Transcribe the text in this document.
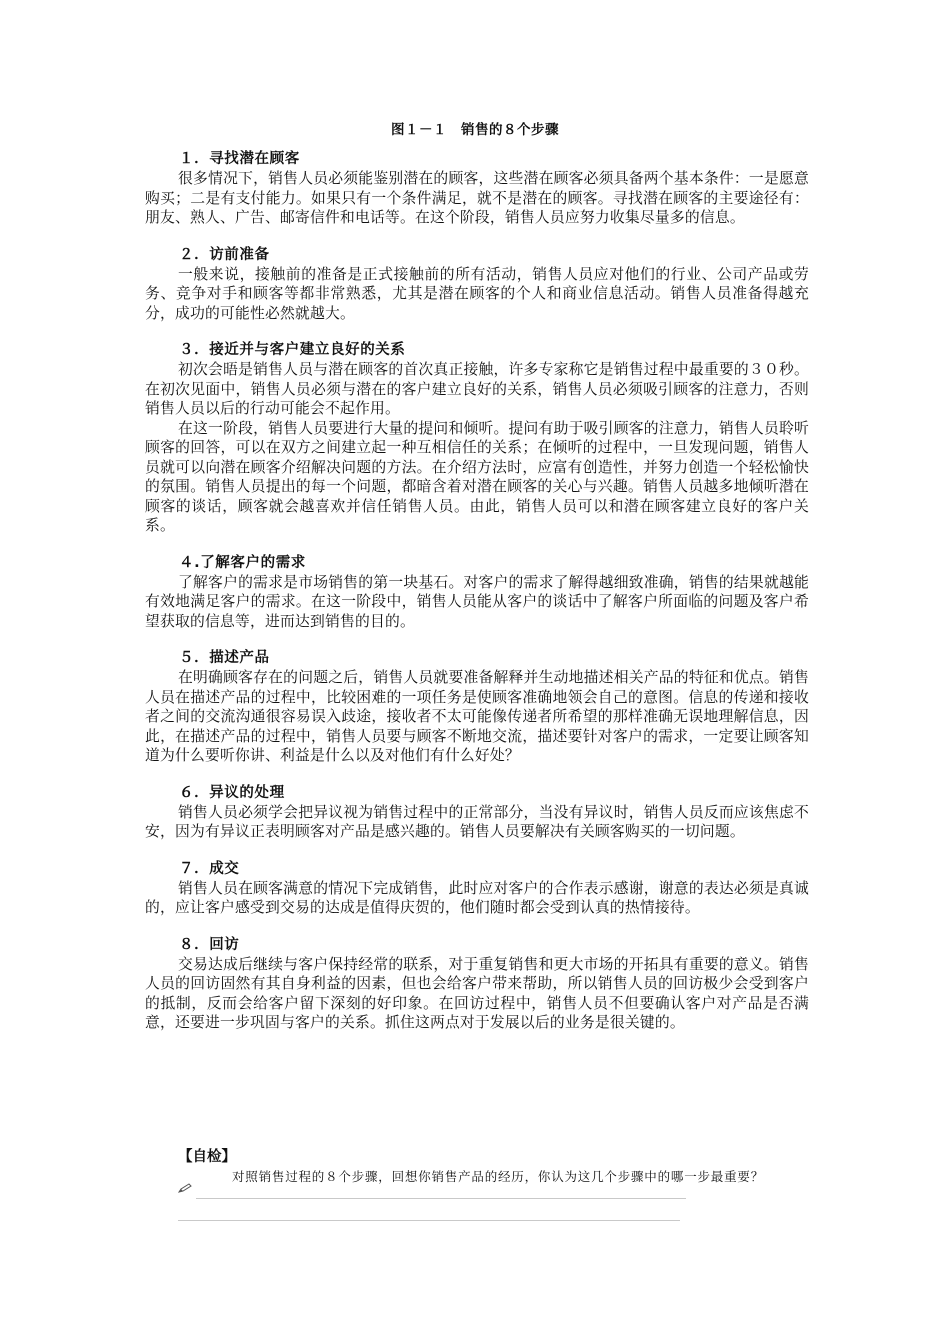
图１－１　销售的８个步骤
１．寻找潜在顾客

很多情况下，销售人员必须能鉴别潜在的顾客，这些潜在顾客必须具备两个基本条件：一是愿意购买；二是有支付能力。如果只有一个条件满足，就不是潜在的顾客。寻找潜在顾客的主要途径有：朋友、熟人、广告、邮寄信件和电话等。在这个阶段，销售人员应努力收集尽量多的信息。

２．访前准备

一般来说，接触前的准备是正式接触前的所有活动，销售人员应对他们的行业、公司产品或劳务、竞争对手和顾客等都非常熟悉，尤其是潜在顾客的个人和商业信息活动。销售人员准备得越充分，成功的可能性必然就越大。

３．接近并与客户建立良好的关系

初次会晤是销售人员与潜在顾客的首次真正接触，许多专家称它是销售过程中最重要的３０秒。在初次见面中，销售人员必须与潜在的客户建立良好的关系，销售人员必须吸引顾客的注意力，否则销售人员以后的行动可能会不起作用。

在这一阶段，销售人员要进行大量的提问和倾听。提问有助于吸引顾客的注意力，销售人员聆听顾客的回答，可以在双方之间建立起一种互相信任的关系；在倾听的过程中，一旦发现问题，销售人员就可以向潜在顾客介绍解决问题的方法。在介绍方法时，应富有创造性，并努力创造一个轻松愉快的氛围。销售人员提出的每一个问题，都暗含着对潜在顾客的关心与兴趣。销售人员越多地倾听潜在顾客的谈话，顾客就会越喜欢并信任销售人员。由此，销售人员可以和潜在顾客建立良好的客户关系。

４.了解客户的需求

了解客户的需求是市场销售的第一块基石。对客户的需求了解得越细致准确，销售的结果就越能有效地满足客户的需求。在这一阶段中，销售人员能从客户的谈话中了解客户所面临的问题及客户希望获取的信息等，进而达到销售的目的。

５．描述产品

在明确顾客存在的问题之后，销售人员就要准备解释并生动地描述相关产品的特征和优点。销售人员在描述产品的过程中，比较困难的一项任务是使顾客准确地领会自己的意图。信息的传递和接收者之间的交流沟通很容易误入歧途，接收者不太可能像传递者所希望的那样准确无误地理解信息，因此，在描述产品的过程中，销售人员要与顾客不断地交流，描述要针对客户的需求，一定要让顾客知道为什么要听你讲、利益是什么以及对他们有什么好处？

６．异议的处理

销售人员必须学会把异议视为销售过程中的正常部分，当没有异议时，销售人员反而应该焦虑不安，因为有异议正表明顾客对产品是感兴趣的。销售人员要解决有关顾客购买的一切问题。

７．成交

销售人员在顾客满意的情况下完成销售，此时应对客户的合作表示感谢，谢意的表达必须是真诚的，应让客户感受到交易的达成是值得庆贺的，他们随时都会受到认真的热情接待。

８．回访

交易达成后继续与客户保持经常的联系，对于重复销售和更大市场的开拓具有重要的意义。销售人员的回访固然有其自身利益的因素，但也会给客户带来帮助，所以销售人员的回访极少会受到客户的抵制，反而会给客户留下深刻的好印象。在回访过程中，销售人员不但要确认客户对产品是否满意，还要进一步巩固与客户的关系。抓住这两点对于发展以后的业务是很关键的。

【自检】
对照销售过程的８个步骤，回想你销售产品的经历，你认为这几个步骤中的哪一步最重要？
